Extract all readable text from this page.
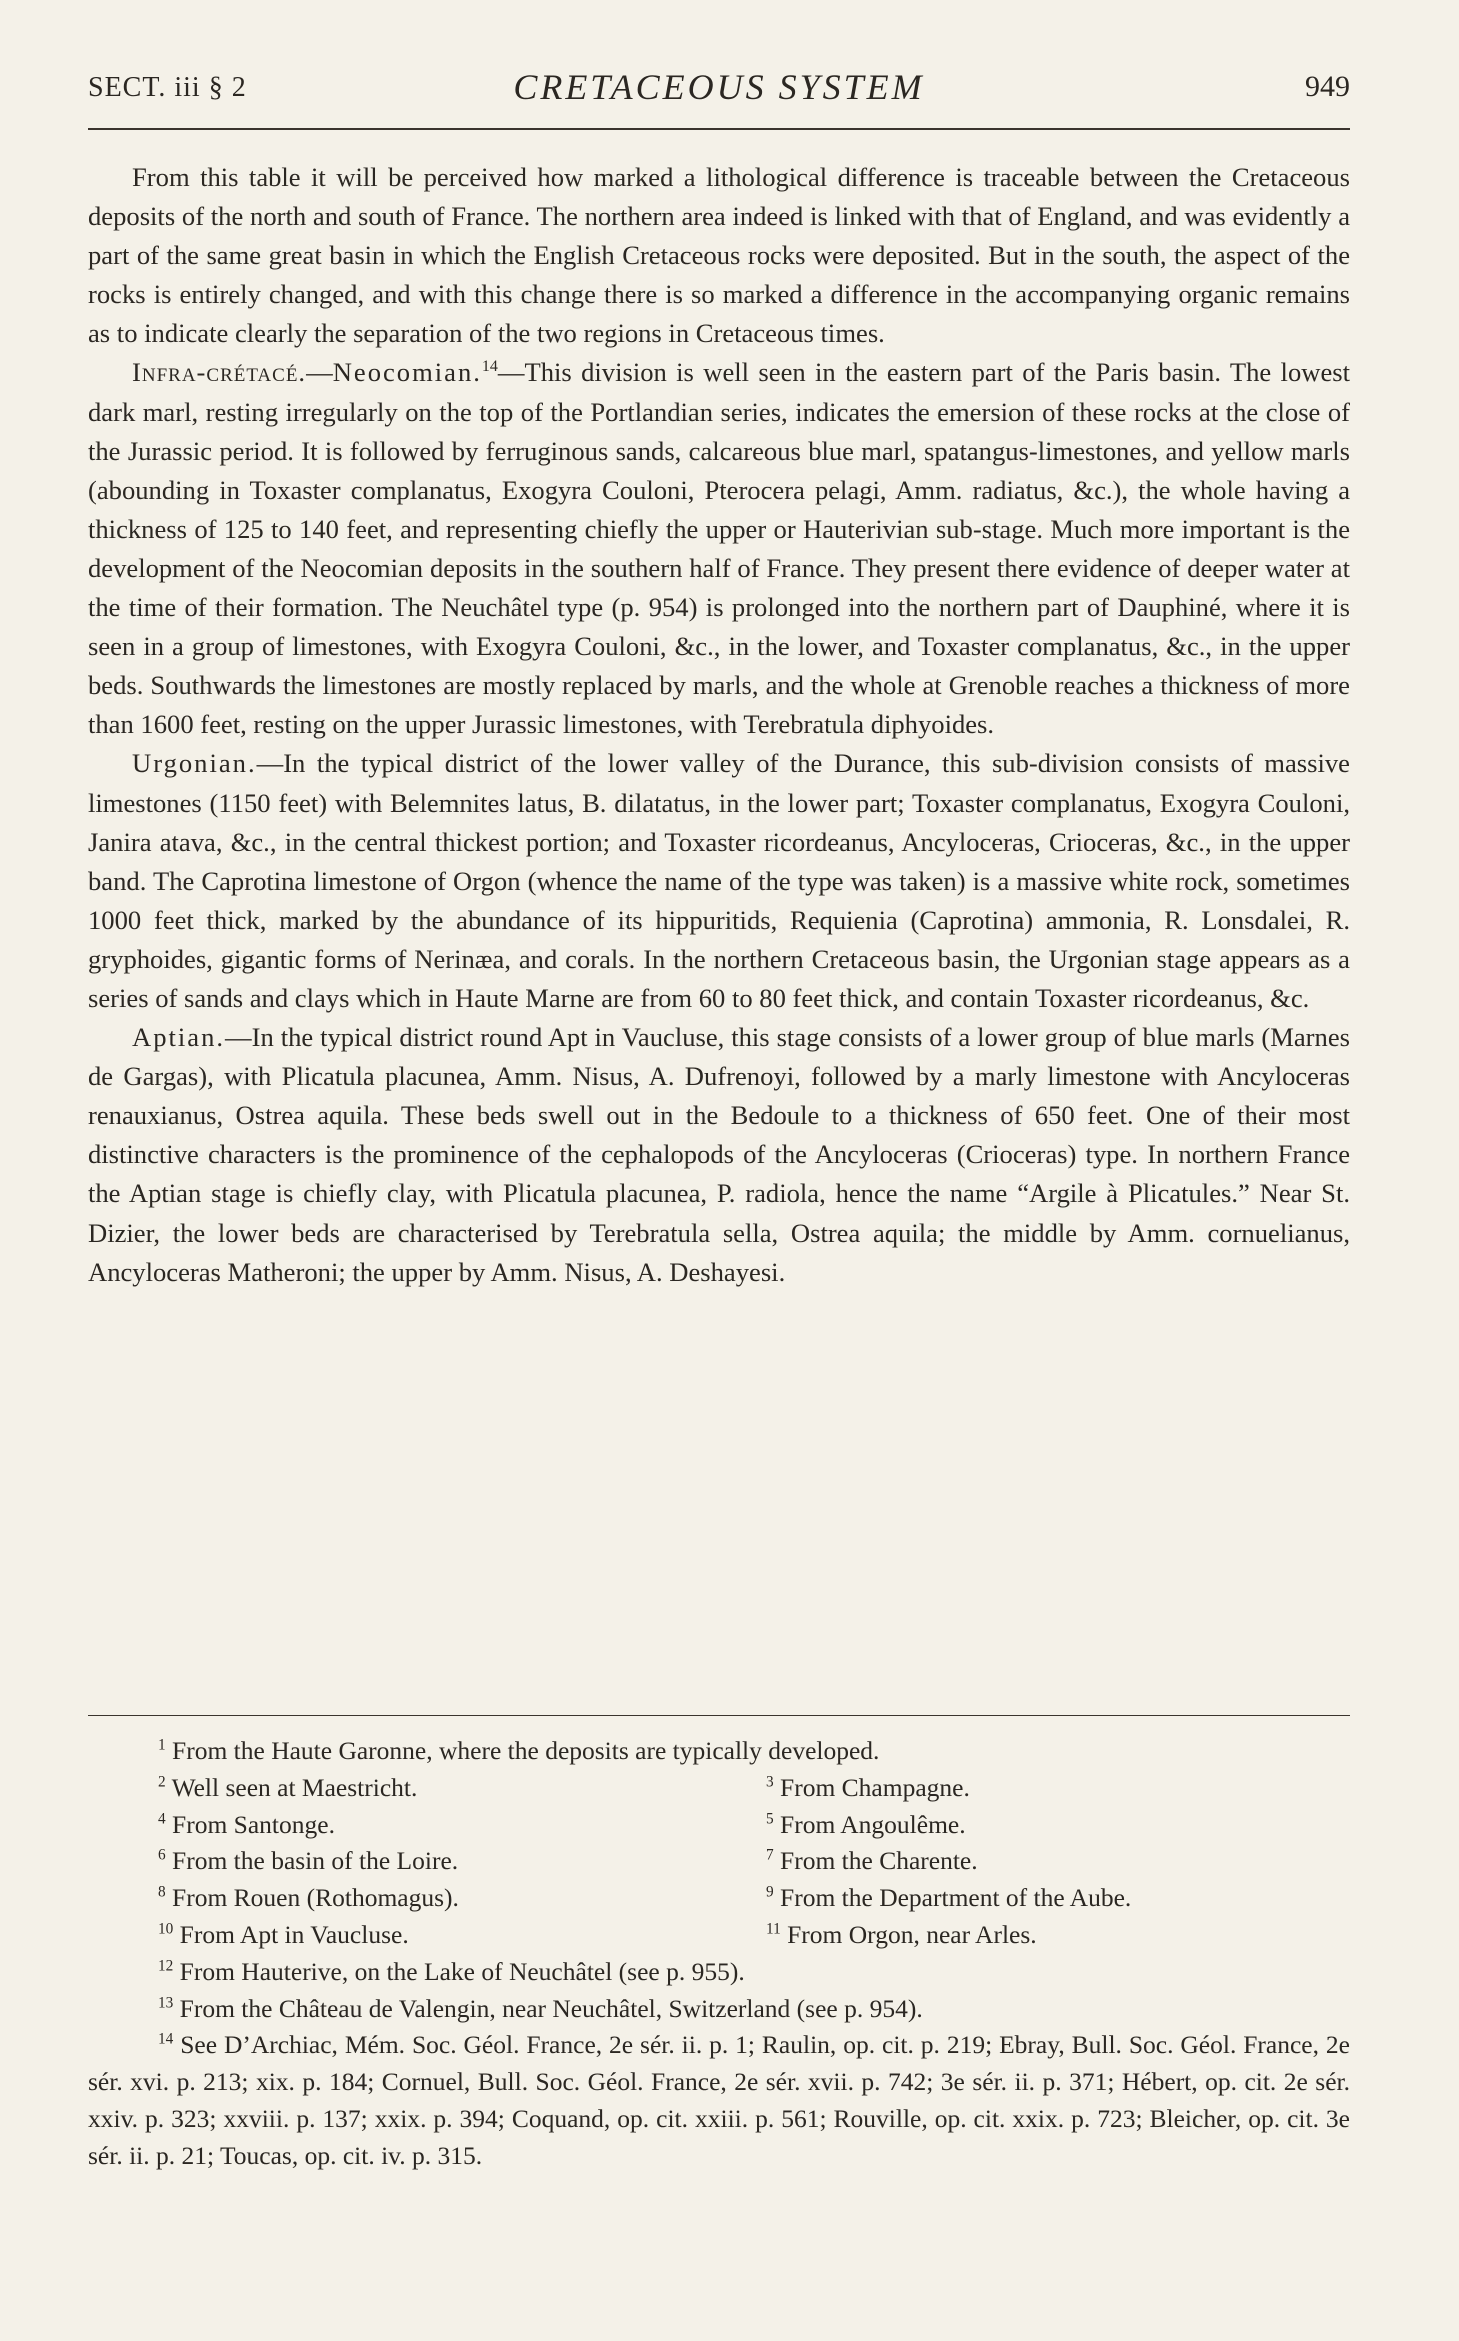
SECT. iii § 2	CRETACEOUS SYSTEM	949

From this table it will be perceived how marked a lithological difference is traceable between the Cretaceous deposits of the north and south of France. The northern area indeed is linked with that of England, and was evidently a part of the same great basin in which the English Cretaceous rocks were deposited. But in the south, the aspect of the rocks is entirely changed, and with this change there is so marked a difference in the accompanying organic remains as to indicate clearly the separation of the two regions in Cretaceous times.

Infra-crétacé.—Neocomian.$^{14}$—This division is well seen in the eastern part of the Paris basin. The lowest dark marl, resting irregularly on the top of the Portlandian series, indicates the emersion of these rocks at the close of the Jurassic period. It is followed by ferruginous sands, calcareous blue marl, spatangus-limestones, and yellow marls (abounding in Toxaster complanatus, Exogyra Couloni, Pterocera pelagi, Amm. radiatus, &c.), the whole having a thickness of 125 to 140 feet, and representing chiefly the upper or Hauterivian sub-stage. Much more important is the development of the Neocomian deposits in the southern half of France. They present there evidence of deeper water at the time of their formation. The Neuchâtel type (p. 954) is prolonged into the northern part of Dauphiné, where it is seen in a group of limestones, with Exogyra Couloni, &c., in the lower, and Toxaster complanatus, &c., in the upper beds. Southwards the limestones are mostly replaced by marls, and the whole at Grenoble reaches a thickness of more than 1600 feet, resting on the upper Jurassic limestones, with Terebratula diphyoides.

Urgonian.—In the typical district of the lower valley of the Durance, this sub-division consists of massive limestones (1150 feet) with Belemnites latus, B. dilatatus, in the lower part; Toxaster complanatus, Exogyra Couloni, Janira atava, &c., in the central thickest portion; and Toxaster ricordeanus, Ancyloceras, Crioceras, &c., in the upper band. The Caprotina limestone of Orgon (whence the name of the type was taken) is a massive white rock, sometimes 1000 feet thick, marked by the abundance of its hippuritids, Requienia (Caprotina) ammonia, R. Lonsdalei, R. gryphoides, gigantic forms of Nerinæa, and corals. In the northern Cretaceous basin, the Urgonian stage appears as a series of sands and clays which in Haute Marne are from 60 to 80 feet thick, and contain Toxaster ricordeanus, &c.

Aptian.—In the typical district round Apt in Vaucluse, this stage consists of a lower group of blue marls (Marnes de Gargas), with Plicatula placunea, Amm. Nisus, A. Dufrenoyi, followed by a marly limestone with Ancyloceras renauxianus, Ostrea aquila. These beds swell out in the Bedoule to a thickness of 650 feet. One of their most distinctive characters is the prominence of the cephalopods of the Ancyloceras (Crioceras) type. In northern France the Aptian stage is chiefly clay, with Plicatula placunea, P. radiola, hence the name “Argile à Plicatules.” Near St. Dizier, the lower beds are characterised by Terebratula sella, Ostrea aquila; the middle by Amm. cornuelianus, Ancyloceras Matheroni; the upper by Amm. Nisus, A. Deshayesi.

$^1$ From the Haute Garonne, where the deposits are typically developed.
$^2$ Well seen at Maestricht.	$^3$ From Champagne.
$^4$ From Santonge.	$^5$ From Angoulême.
$^6$ From the basin of the Loire.	$^7$ From the Charente.
$^8$ From Rouen (Rothomagus).	$^9$ From the Department of the Aube.
$^{10}$ From Apt in Vaucluse.	$^{11}$ From Orgon, near Arles.
$^{12}$ From Hauterive, on the Lake of Neuchâtel (see p. 955).
$^{13}$ From the Château de Valengin, near Neuchâtel, Switzerland (see p. 954).
$^{14}$ See D’Archiac, Mém. Soc. Géol. France, 2e sér. ii. p. 1; Raulin, op. cit. p. 219; Ebray, Bull. Soc. Géol. France, 2e sér. xvi. p. 213; xix. p. 184; Cornuel, Bull. Soc. Géol. France, 2e sér. xvii. p. 742; 3e sér. ii. p. 371; Hébert, op. cit. 2e sér. xxiv. p. 323; xxviii. p. 137; xxix. p. 394; Coquand, op. cit. xxiii. p. 561; Rouville, op. cit. xxix. p. 723; Bleicher, op. cit. 3e sér. ii. p. 21; Toucas, op. cit. iv. p. 315.
